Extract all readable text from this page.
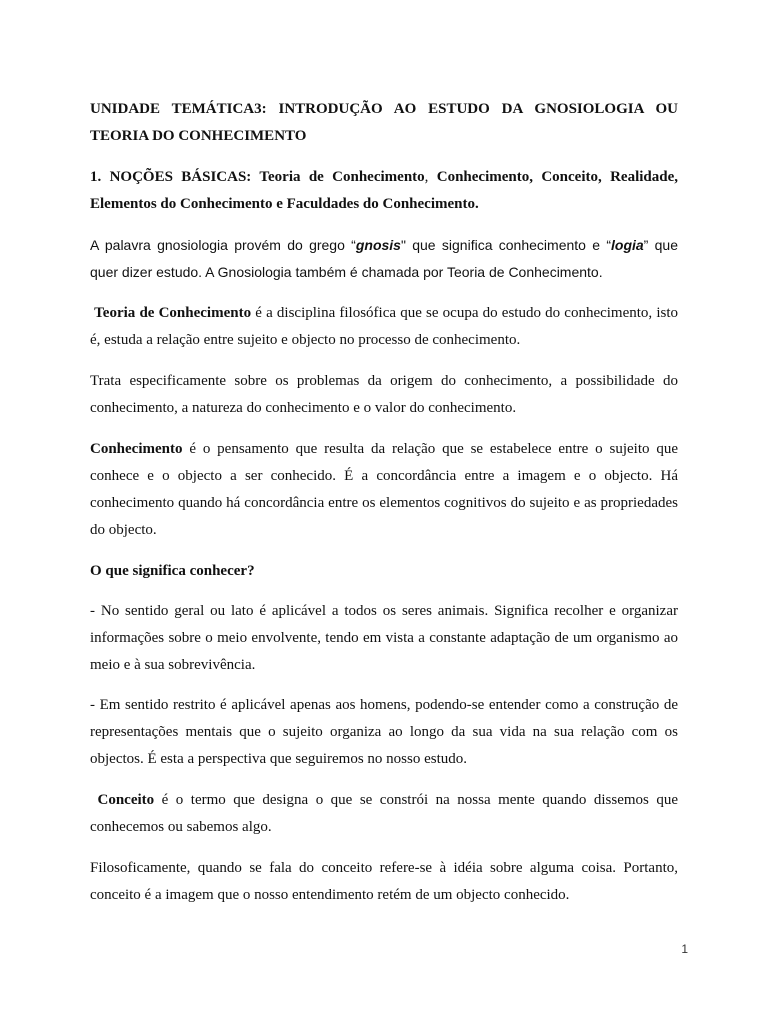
UNIDADE TEMÁTICA3: INTRODUÇÃO AO ESTUDO DA GNOSIOLOGIA OU TEORIA DO CONHECIMENTO

1. NOÇÕES BÁSICAS: Teoria de Conhecimento, Conhecimento, Conceito, Realidade, Elementos do Conhecimento e Faculdades do Conhecimento.

A palavra gnosiologia provém do grego “gnosis" que significa conhecimento e “logia” que quer dizer estudo. A Gnosiologia também é chamada por Teoria de Conhecimento.

Teoria de Conhecimento é a disciplina filosófica que se ocupa do estudo do conhecimento, isto é, estuda a relação entre sujeito e objecto no processo de conhecimento.

Trata especificamente sobre os problemas da origem do conhecimento, a possibilidade do conhecimento, a natureza do conhecimento e o valor do conhecimento.

Conhecimento é o pensamento que resulta da relação que se estabelece entre o sujeito que conhece e o objecto a ser conhecido. É a concordância entre a imagem e o objecto. Há conhecimento quando há concordância entre os elementos cognitivos do sujeito e as propriedades do objecto.

O que significa conhecer?

- No sentido geral ou lato é aplicável a todos os seres animais. Significa recolher e organizar informações sobre o meio envolvente, tendo em vista a constante adaptação de um organismo ao meio e à sua sobrevivência.

- Em sentido restrito é aplicável apenas aos homens, podendo-se entender como a construção de representações mentais que o sujeito organiza ao longo da sua vida na sua relação com os objectos. É esta a perspectiva que seguiremos no nosso estudo.

Conceito é o termo que designa o que se constrói na nossa mente quando dissemos que conhecemos ou sabemos algo.

Filosoficamente, quando se fala do conceito refere-se à idéia sobre alguma coisa. Portanto, conceito é a imagem que o nosso entendimento retém de um objecto conhecido.

1
